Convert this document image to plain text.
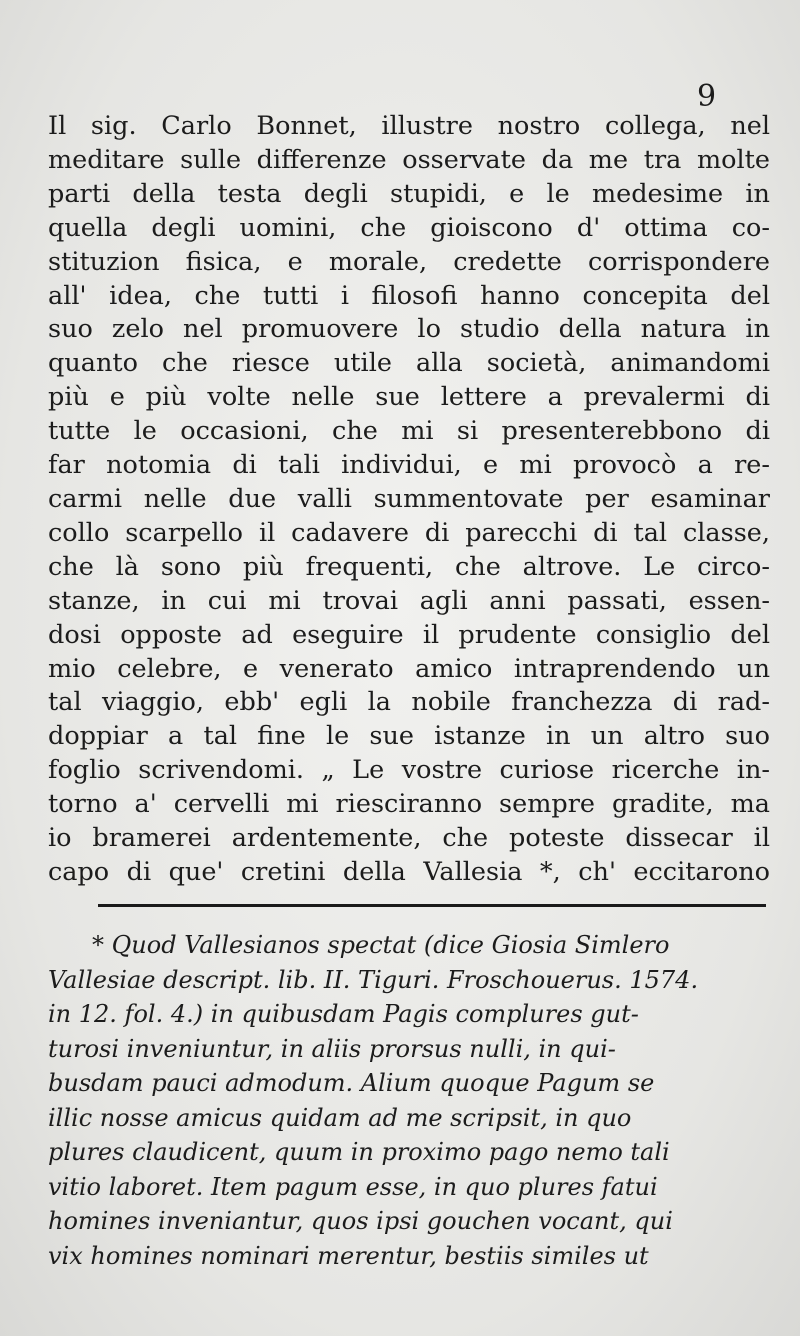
9
Il sig. Carlo Bonnet, illustre nostro collega, nel
meditare sulle differenze osservate da me tra molte
parti della testa degli stupidi, e le medesime in
quella degli uomini, che gioiscono d' ottima co-
stituzion fisica, e morale, credette corrispondere
all' idea, che tutti i filosofi hanno concepita del
suo zelo nel promuovere lo studio della natura in
quanto che riesce utile alla società, animandomi
più e più volte nelle sue lettere a prevalermi di
tutte le occasioni, che mi si presenterebbono di
far notomia di tali individui, e mi provocò a re-
carmi nelle due valli summentovate per esaminar
collo scarpello il cadavere di parecchi di tal classe,
che là sono più frequenti, che altrove. Le circo-
stanze, in cui mi trovai agli anni passati, essen-
dosi opposte ad eseguire il prudente consiglio del
mio celebre, e venerato amico intraprendendo un
tal viaggio, ebb' egli la nobile franchezza di rad-
doppiar a tal fine le sue istanze in un altro suo
foglio scrivendomi. „ Le vostre curiose ricerche in-
torno a' cervelli mi riesciranno sempre gradite, ma
io bramerei ardentemente, che poteste dissecar il
capo di que' cretini della Vallesia *, ch' eccitarono
* Quod Vallesianos spectat (dice Giosia Simlero
Vallesiae descript. lib. II. Tiguri. Froschouerus. 1574.
in 12. fol. 4.) in quibusdam Pagis complures gut-
turosi inveniuntur, in aliis prorsus nulli, in qui-
busdam pauci admodum. Alium quoque Pagum se
illic nosse amicus quidam ad me scripsit, in quo
plures claudicent, quum in proximo pago nemo tali
vitio laboret. Item pagum esse, in quo plures fatui
homines inveniantur, quos ipsi gouchen vocant, qui
vix homines nominari merentur, bestiis similes ut
